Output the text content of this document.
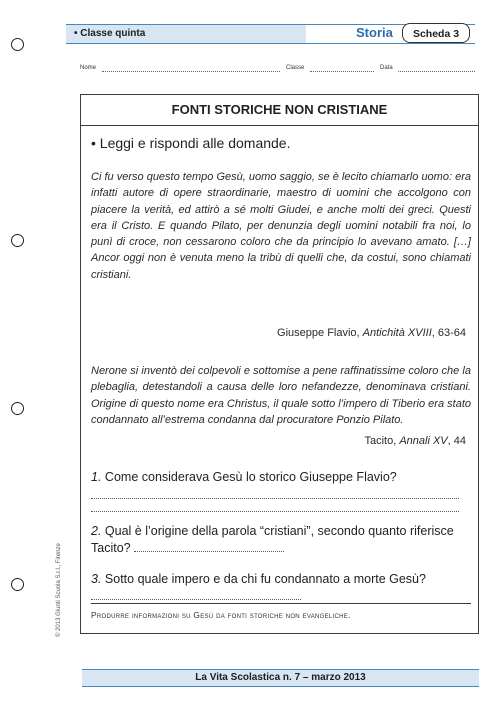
• Classe quinta	Storia	Scheda 3
Nome	Classe	Data
FONTI STORICHE NON CRISTIANE
• Leggi e rispondi alle domande.
Ci fu verso questo tempo Gesù, uomo saggio, se è lecito chiamarlo uomo: era infatti autore di opere straordinarie, maestro di uomini che accolgono con piacere la verità, ed attirò a sé molti Giudei, e anche molti dei greci. Questi era il Cristo. E quando Pilato, per denunzia degli uomini notabili fra noi, lo punì di croce, non cessarono coloro che da principio lo avevano amato. […] Ancor oggi non è venuta meno la tribù di quelli che, da costui, sono chiamati cristiani.
Giuseppe Flavio, Antichità XVIII, 63-64
Nerone si inventò dei colpevoli e sottomise a pene raffinatissime coloro che la plebaglia, detestandoli a causa delle loro nefandezze, denominava cristiani. Origine di questo nome era Christus, il quale sotto l’impero di Tiberio era stato condannato all’estrema condanna dal procuratore Ponzio Pilato.
Tacito, Annali XV, 44
1. Come considerava Gesù lo storico Giuseppe Flavio?
2. Qual è l’origine della parola “cristiani”, secondo quanto riferisce Tacito?
3. Sotto quale impero e da chi fu condannato a morte Gesù?
Produrre informazioni su Gesù da fonti storiche non evangeliche.
© 2013 Giunti Scuola S.r.l., Firenze
La Vita Scolastica n. 7 – marzo 2013
